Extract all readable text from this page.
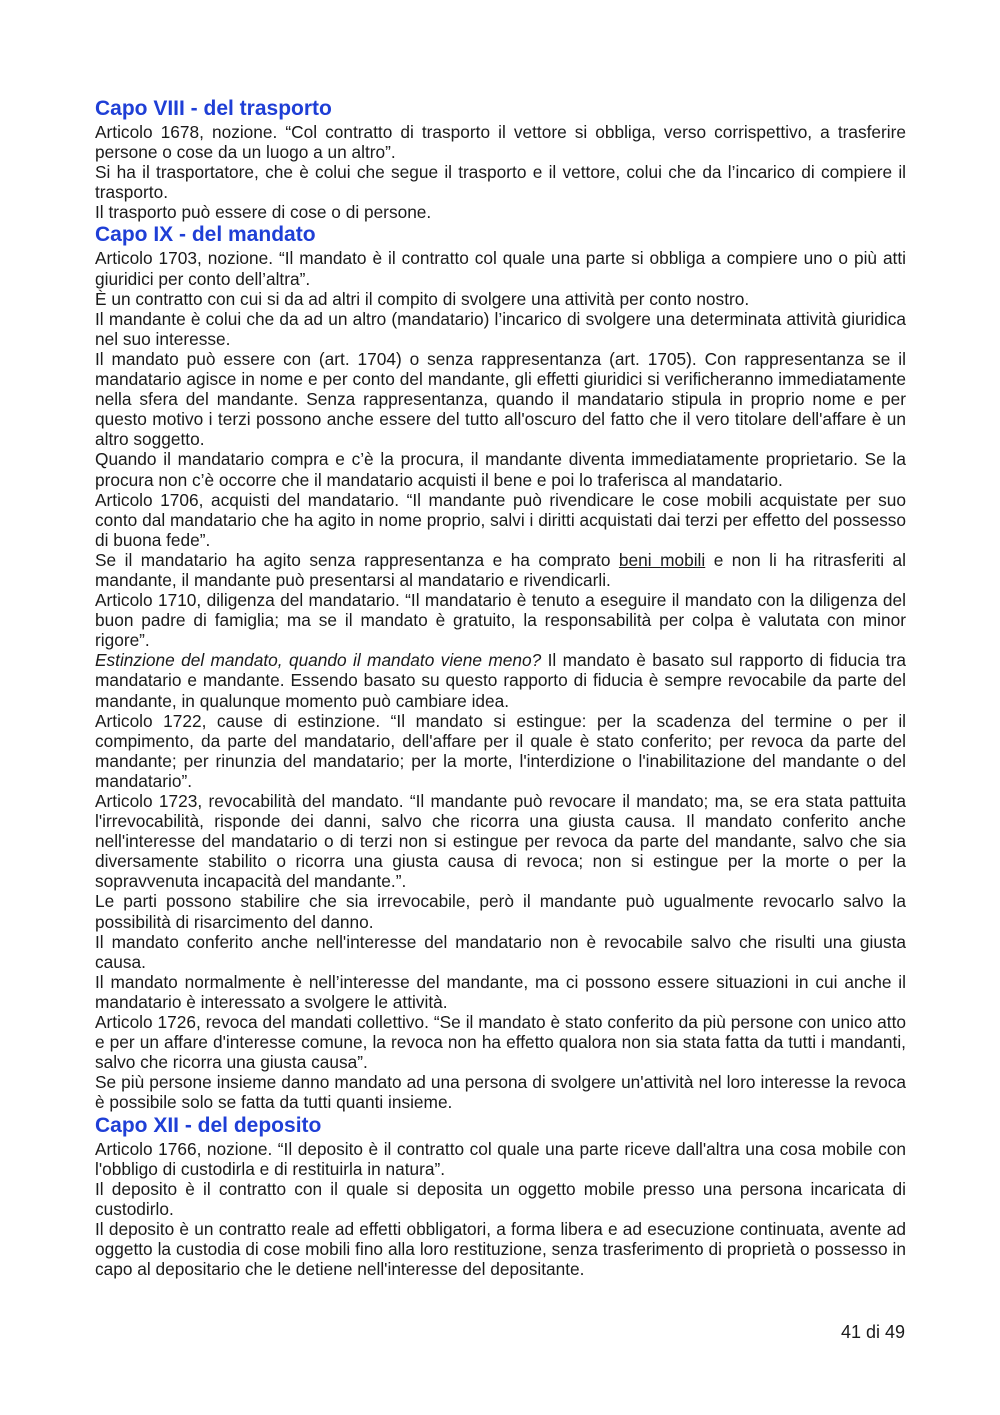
Capo VIII - del trasporto

Articolo 1678, nozione. “Col contratto di trasporto il vettore si obbliga, verso corrispettivo, a trasferire persone o cose da un luogo a un altro”.

Si ha il trasportatore, che è colui che segue il trasporto e il vettore, colui che da l’incarico di compiere il trasporto.

Il trasporto può essere di cose o di persone.

Capo IX - del mandato

Articolo 1703, nozione. “Il mandato è il contratto col quale una parte si obbliga a compiere uno o più atti giuridici per conto dell’altra”.

È un contratto con cui si da ad altri il compito di svolgere una attività per conto nostro.

Il mandante è colui che da ad un altro (mandatario) l’incarico di svolgere una determinata attività giuridica nel suo interesse.

Il mandato può essere con (art. 1704) o senza rappresentanza (art. 1705). Con rappresentanza se il mandatario agisce in nome e per conto del mandante, gli effetti giuridici si verificheranno immediatamente nella sfera del mandante. Senza rappresentanza, quando il mandatario stipula in proprio nome e per questo motivo i terzi possono anche essere del tutto all'oscuro del fatto che il vero titolare dell'affare è un altro soggetto.

Quando il mandatario compra e c’è la procura, il mandante diventa immediatamente proprietario. Se la procura non c’è occorre che il mandatario acquisti il bene e poi lo traferisca al mandatario.

Articolo 1706, acquisti del mandatario. “Il mandante può rivendicare le cose mobili acquistate per suo conto dal mandatario che ha agito in nome proprio, salvi i diritti acquistati dai terzi per effetto del possesso di buona fede”.

Se il mandatario ha agito senza rappresentanza e ha comprato beni mobili e non li ha ritrasferiti al mandante, il mandante può presentarsi al mandatario e rivendicarli.

Articolo 1710, diligenza del mandatario. “Il mandatario è tenuto a eseguire il mandato con la diligenza del buon padre di famiglia; ma se il mandato è gratuito, la responsabilità per colpa è valutata con minor rigore”.

Estinzione del mandato, quando il mandato viene meno? Il mandato è basato sul rapporto di fiducia tra mandatario e mandante. Essendo basato su questo rapporto di fiducia è sempre revocabile da parte del mandante, in qualunque momento può cambiare idea.

Articolo 1722, cause di estinzione. “Il mandato si estingue: per la scadenza del termine o per il compimento, da parte del mandatario, dell'affare per il quale è stato conferito; per revoca da parte del mandante; per rinunzia del mandatario; per la morte, l'interdizione o l'inabilitazione del mandante o del mandatario”.

Articolo 1723, revocabilità del mandato. “Il mandante può revocare il mandato; ma, se era stata pattuita l'irrevocabilità, risponde dei danni, salvo che ricorra una giusta causa. Il mandato conferito anche nell'interesse del mandatario o di terzi non si estingue per revoca da parte del mandante, salvo che sia diversamente stabilito o ricorra una giusta causa di revoca; non si estingue per la morte o per la sopravvenuta incapacità del mandante.”.

Le parti possono stabilire che sia irrevocabile, però il mandante può ugualmente revocarlo salvo la possibilità di risarcimento del danno.

Il mandato conferito anche nell'interesse del mandatario non è revocabile salvo che risulti una giusta causa.

Il mandato normalmente è nell’interesse del mandante, ma ci possono essere situazioni in cui anche il mandatario è interessato a svolgere le attività.

Articolo 1726, revoca del mandati collettivo. “Se il mandato è stato conferito da più persone con unico atto e per un affare d'interesse comune, la revoca non ha effetto qualora non sia stata fatta da tutti i mandanti, salvo che ricorra una giusta causa”.

Se più persone insieme danno mandato ad una persona di svolgere un'attività nel loro interesse la revoca è possibile solo se fatta da tutti quanti insieme.

Capo XII - del deposito

Articolo 1766, nozione. “Il deposito è il contratto col quale una parte riceve dall'altra una cosa mobile con l'obbligo di custodirla e di restituirla in natura”.

Il deposito è il contratto con il quale si deposita un oggetto mobile presso una persona incaricata di custodirlo.

Il deposito è un contratto reale ad effetti obbligatori, a forma libera e ad esecuzione continuata, avente ad oggetto la custodia di cose mobili fino alla loro restituzione, senza trasferimento di proprietà o possesso in capo al depositario che le detiene nell'interesse del depositante.

41 di 49
